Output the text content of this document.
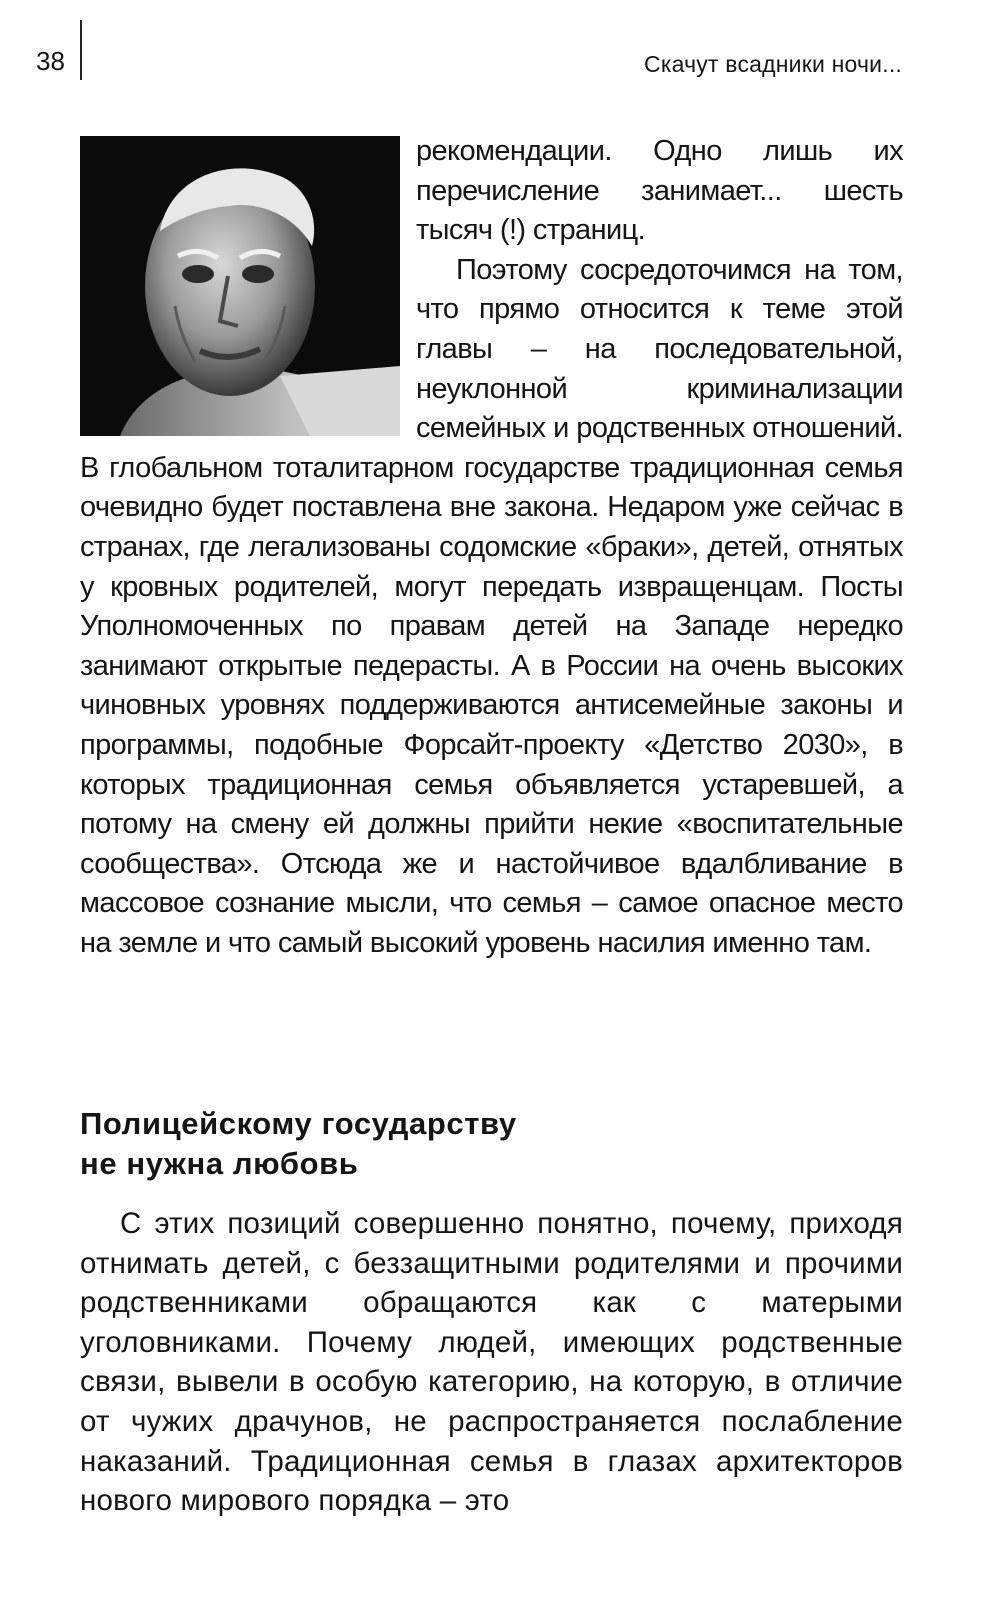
38	Скачут всадники ночи...

рекомендации. Одно лишь их перечисление занимает... шесть тысяч (!) страниц.

Поэтому сосредоточимся на том, что прямо относится к теме этой главы – на последовательной, неуклонной криминализации семейных и родственных отношений. В глобальном тоталитарном государстве традиционная семья очевидно будет поставлена вне закона. Недаром уже сейчас в странах, где легализованы содомские «браки», детей, отнятых у кровных родителей, могут передать извращенцам. Посты Уполномоченных по правам детей на Западе нередко занимают открытые педерасты. А в России на очень высоких чиновных уровнях поддерживаются антисемейные законы и программы, подобные Форсайт-проекту «Детство 2030», в которых традиционная семья объявляется устаревшей, а потому на смену ей должны прийти некие «воспитательные сообщества». Отсюда же и настойчивое вдалбливание в массовое сознание мысли, что семья – самое опасное место на земле и что самый высокий уровень насилия именно там.

Полицейскому государству
не нужна любовь

С этих позиций совершенно понятно, почему, приходя отнимать детей, с беззащитными родителями и прочими родственниками обращаются как с матерыми уголовниками. Почему людей, имеющих родственные связи, вывели в особую категорию, на которую, в отличие от чужих драчунов, не распространяется послабление наказаний. Традиционная семья в глазах архитекторов нового мирового порядка – это
